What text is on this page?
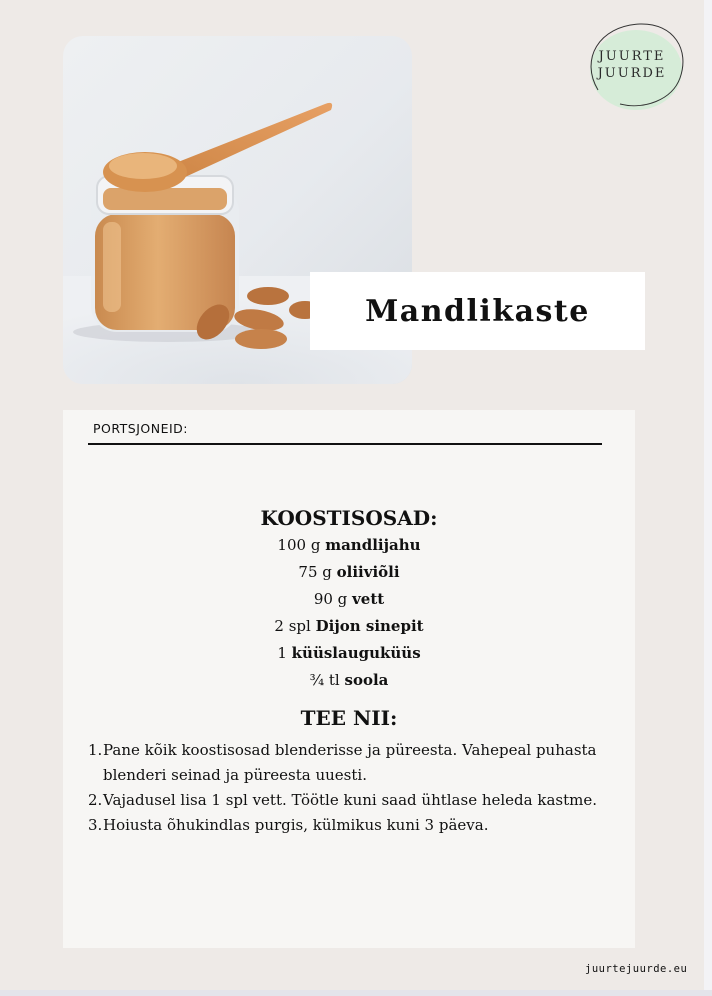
Mandlikaste
JUURTE
JUURDE
PORTSJONEID:
KOOSTISOSAD:
100 g mandlijahu
75 g oliiviõli
90 g vett
2 spl Dijon sinepit
1 küüslauguküüs
¾ tl soola
TEE NII:
1. Pane kõik koostisosad blenderisse ja püreesta. Vahepeal puhasta blenderi seinad ja püreesta uuesti.
2. Vajadusel lisa 1 spl vett. Töötle kuni saad ühtlase heleda kastme.
3. Hoiusta õhukindlas purgis, külmikus kuni 3 päeva.
juurtejuurde.eu
